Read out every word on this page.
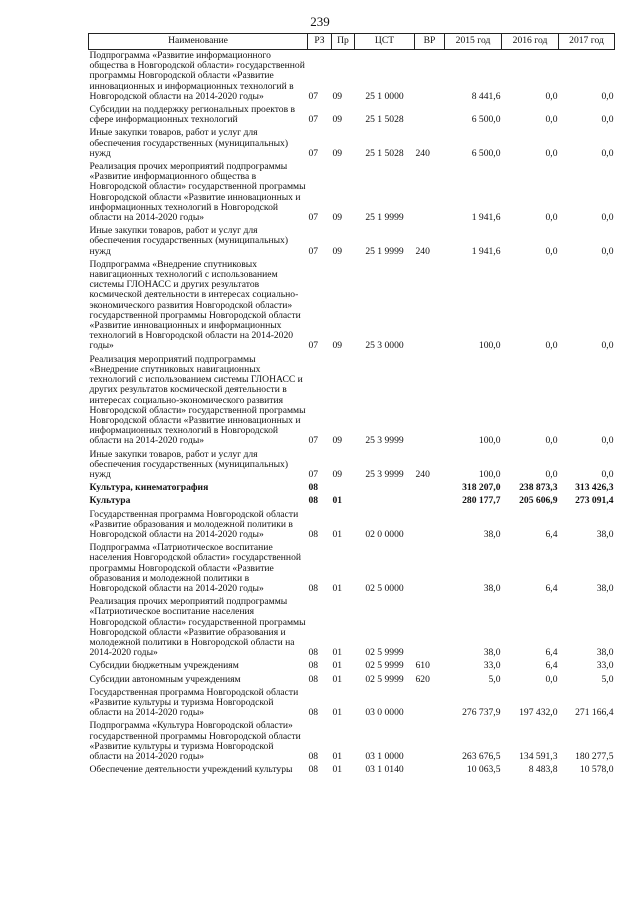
239
Наименование	РЗ	Пр	ЦСТ	ВР	2015 год	2016 год	2017 год
Подпрограмма «Развитие информационного общества в Новгородской области» государственной программы Новгородской области «Развитие инновационных и информационных технологий в Новгородской области на 2014-2020 годы»	07	09	25 1 0000		8 441,6	0,0	0,0
Субсидии на поддержку региональных проектов в сфере информационных технологий	07	09	25 1 5028		6 500,0	0,0	0,0
Иные закупки товаров, работ и услуг для обеспечения государственных (муниципальных) нужд	07	09	25 1 5028	240	6 500,0	0,0	0,0
Реализация прочих мероприятий подпрограммы «Развитие информационного общества в Новгородской области» государственной программы Новгородской области «Развитие инновационных и информационных технологий в Новгородской области на 2014-2020 годы»	07	09	25 1 9999		1 941,6	0,0	0,0
Иные закупки товаров, работ и услуг для обеспечения государственных (муниципальных) нужд	07	09	25 1 9999	240	1 941,6	0,0	0,0
Подпрограмма «Внедрение спутниковых навигационных технологий с использованием системы ГЛОНАСС и других результатов космической деятельности в интересах социально-экономического развития Новгородской области» государственной программы Новгородской области «Развитие инновационных и информационных технологий в Новгородской области на 2014-2020 годы»	07	09	25 3 0000		100,0	0,0	0,0
Реализация мероприятий подпрограммы «Внедрение спутниковых навигационных технологий с использованием системы ГЛОНАСС и других результатов космической деятельности в интересах социально-экономического развития Новгородской области» государственной программы Новгородской области «Развитие инновационных и информационных технологий в Новгородской области на 2014-2020 годы»	07	09	25 3 9999		100,0	0,0	0,0
Иные закупки товаров, работ и услуг для обеспечения государственных (муниципальных) нужд	07	09	25 3 9999	240	100,0	0,0	0,0
Культура, кинематография	08				318 207,0	238 873,3	313 426,3
Культура	08	01			280 177,7	205 606,9	273 091,4
Государственная программа Новгородской области «Развитие образования и молодежной политики в Новгородской области на 2014-2020 годы»	08	01	02 0 0000		38,0	6,4	38,0
Подпрограмма «Патриотическое воспитание населения Новгородской области» государственной программы Новгородской области «Развитие образования и молодежной политики в Новгородской области на 2014-2020 годы»	08	01	02 5 0000		38,0	6,4	38,0
Реализация прочих мероприятий подпрограммы «Патриотическое воспитание населения Новгородской области» государственной программы Новгородской области «Развитие образования и молодежной политики в Новгородской области на 2014-2020 годы»	08	01	02 5 9999		38,0	6,4	38,0
Субсидии бюджетным учреждениям	08	01	02 5 9999	610	33,0	6,4	33,0
Субсидии автономным учреждениям	08	01	02 5 9999	620	5,0	0,0	5,0
Государственная программа Новгородской области «Развитие культуры и туризма Новгородской области на 2014-2020 годы»	08	01	03 0 0000		276 737,9	197 432,0	271 166,4
Подпрограмма «Культура Новгородской области» государственной программы Новгородской области «Развитие культуры и туризма Новгородской области на 2014-2020 годы»	08	01	03 1 0000		263 676,5	134 591,3	180 277,5
Обеспечение деятельности учреждений культуры	08	01	03 1 0140		10 063,5	8 483,8	10 578,0
